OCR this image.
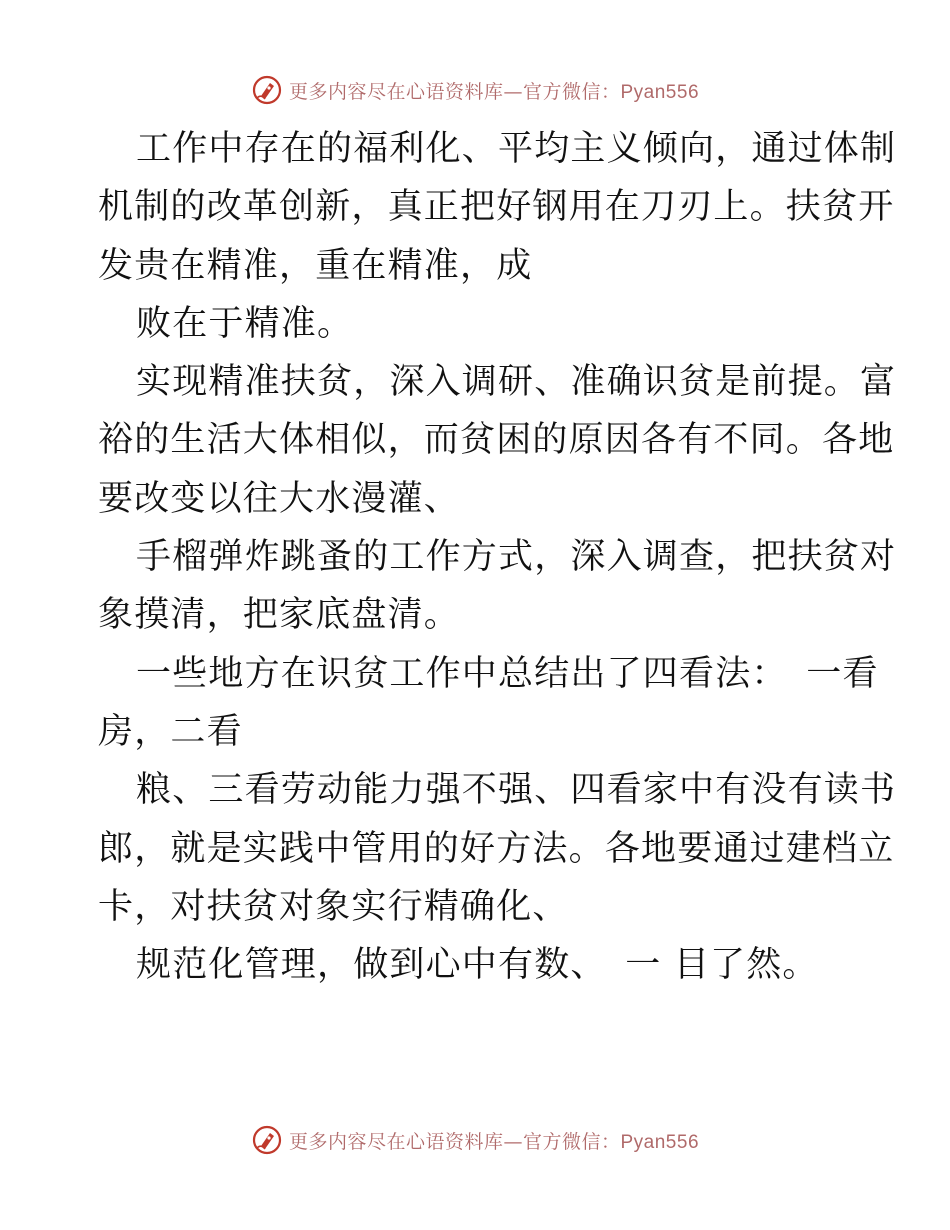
更多内容尽在心语资料库—官方微信：Pyan556
工作中存在的福利化、平均主义倾向，通过体制
机制的改革创新，真正把好钢用在刀刃上。扶贫开
发贵在精准，重在精准，成
败在于精准。
实现精准扶贫，深入调研、准确识贫是前提。富
裕的生活大体相似，而贫困的原因各有不同。各地
要改变以往大水漫灌、
手榴弹炸跳蚤的工作方式，深入调查，把扶贫对
象摸清，把家底盘清。
一些地方在识贫工作中总结出了四看法：　一看
房，二看
粮、三看劳动能力强不强、四看家中有没有读书
郎，就是实践中管用的好方法。各地要通过建档立
卡，对扶贫对象实行精确化、
规范化管理，做到心中有数、　一 目了然。
更多内容尽在心语资料库—官方微信：Pyan556
